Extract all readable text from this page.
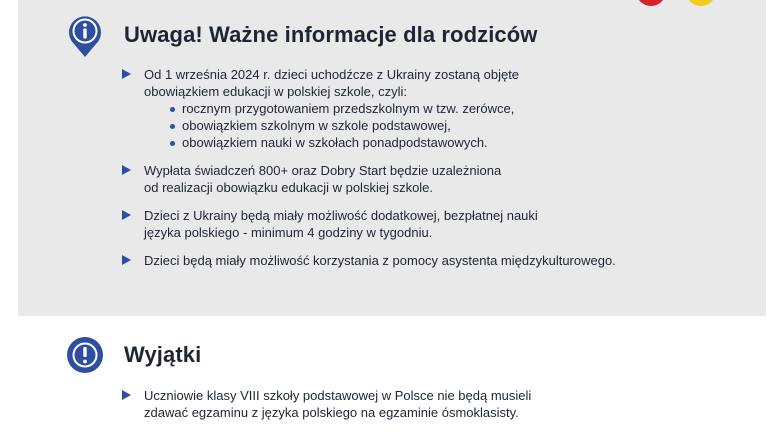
Uwaga! Ważne informacje dla rodziców
Od 1 września 2024 r. dzieci uchodźcze z Ukrainy zostaną objęte
obowiązkiem edukacji w polskiej szkole, czyli:
rocznym przygotowaniem przedszkolnym w tzw. zerówce,
obowiązkiem szkolnym w szkole podstawowej,
obowiązkiem nauki w szkołach ponadpodstawowych.
Wypłata świadczeń 800+ oraz Dobry Start będzie uzależniona
od realizacji obowiązku edukacji w polskiej szkole.
Dzieci z Ukrainy będą miały możliwość dodatkowej, bezpłatnej nauki
języka polskiego - minimum 4 godziny w tygodniu.
Dzieci będą miały możliwość korzystania z pomocy asystenta międzykulturowego.
Wyjątki
Uczniowie klasy VIII szkoły podstawowej w Polsce nie będą musieli
zdawać egzaminu z języka polskiego na egzaminie ósmoklasisty.
